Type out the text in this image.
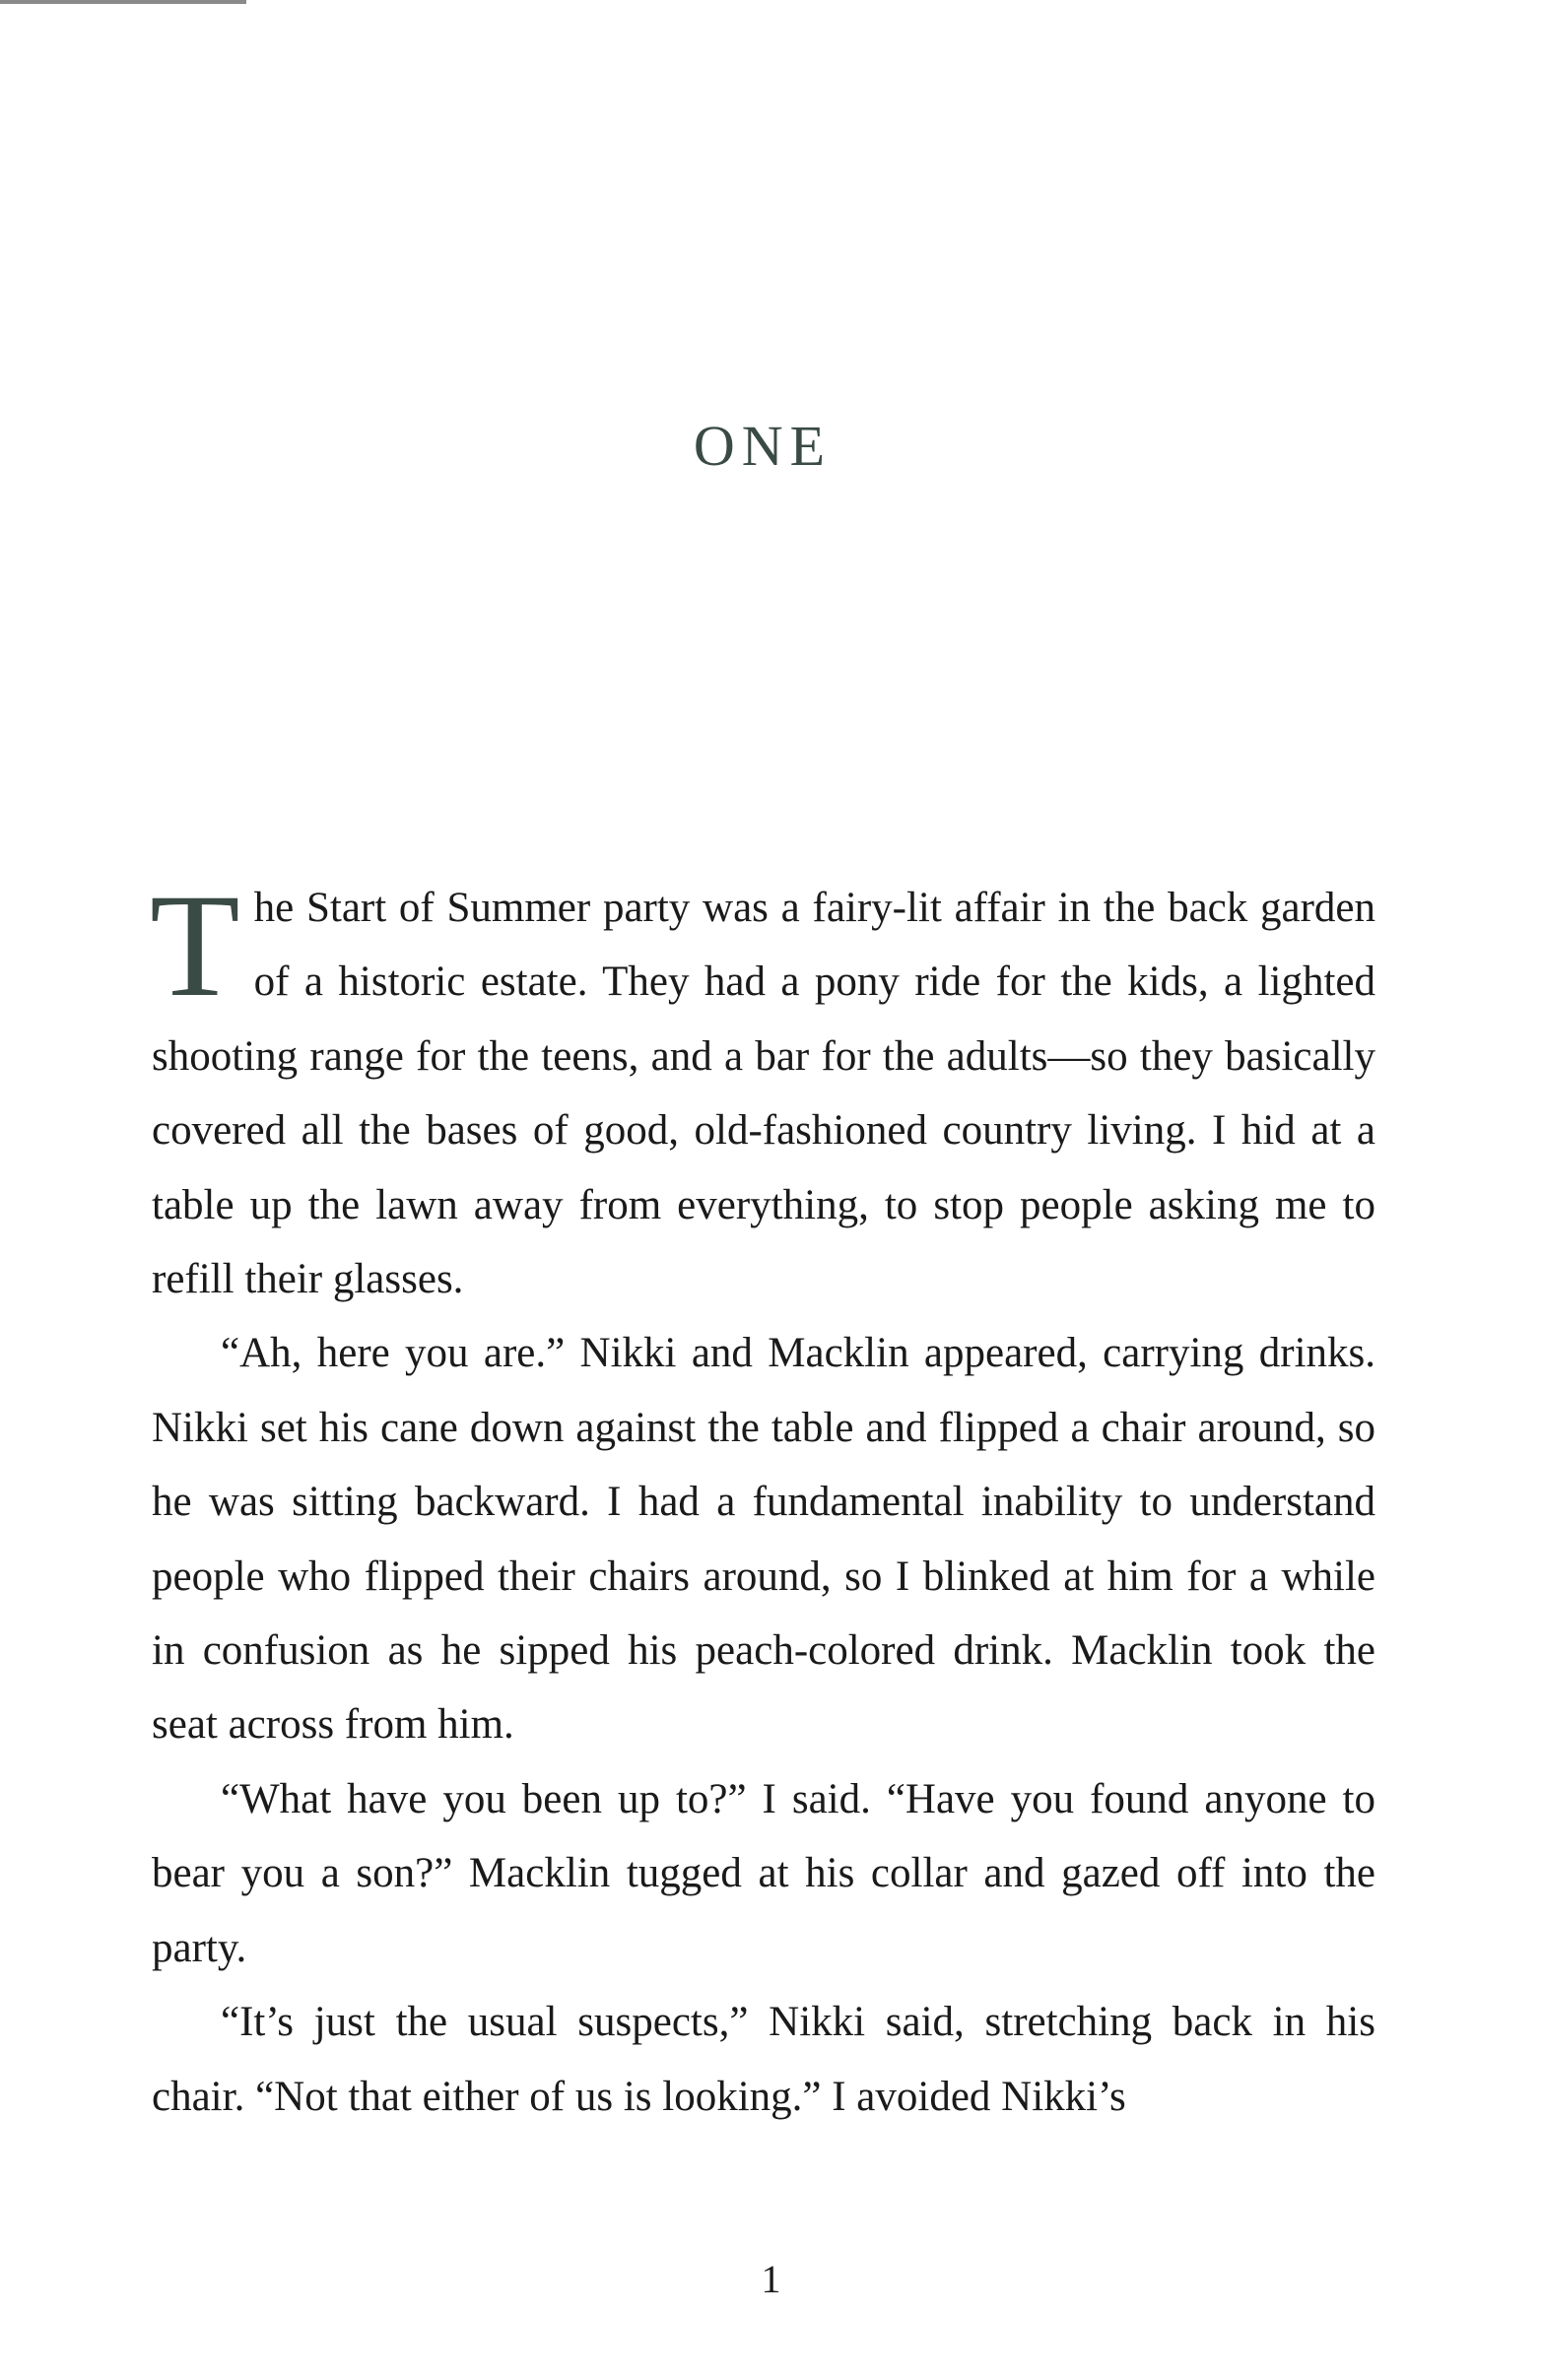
ONE

The Start of Summer party was a fairy-lit affair in the back garden of a historic estate. They had a pony ride for the kids, a lighted shooting range for the teens, and a bar for the adults—so they basically covered all the bases of good, old-fashioned country living. I hid at a table up the lawn away from everything, to stop people asking me to refill their glasses.

“Ah, here you are.” Nikki and Macklin appeared, carrying drinks. Nikki set his cane down against the table and flipped a chair around, so he was sitting backward. I had a fundamental inability to understand people who flipped their chairs around, so I blinked at him for a while in confusion as he sipped his peach-colored drink. Macklin took the seat across from him.

“What have you been up to?” I said. “Have you found anyone to bear you a son?” Macklin tugged at his collar and gazed off into the party.

“It’s just the usual suspects,” Nikki said, stretching back in his chair. “Not that either of us is looking.” I avoided Nikki’s

1
